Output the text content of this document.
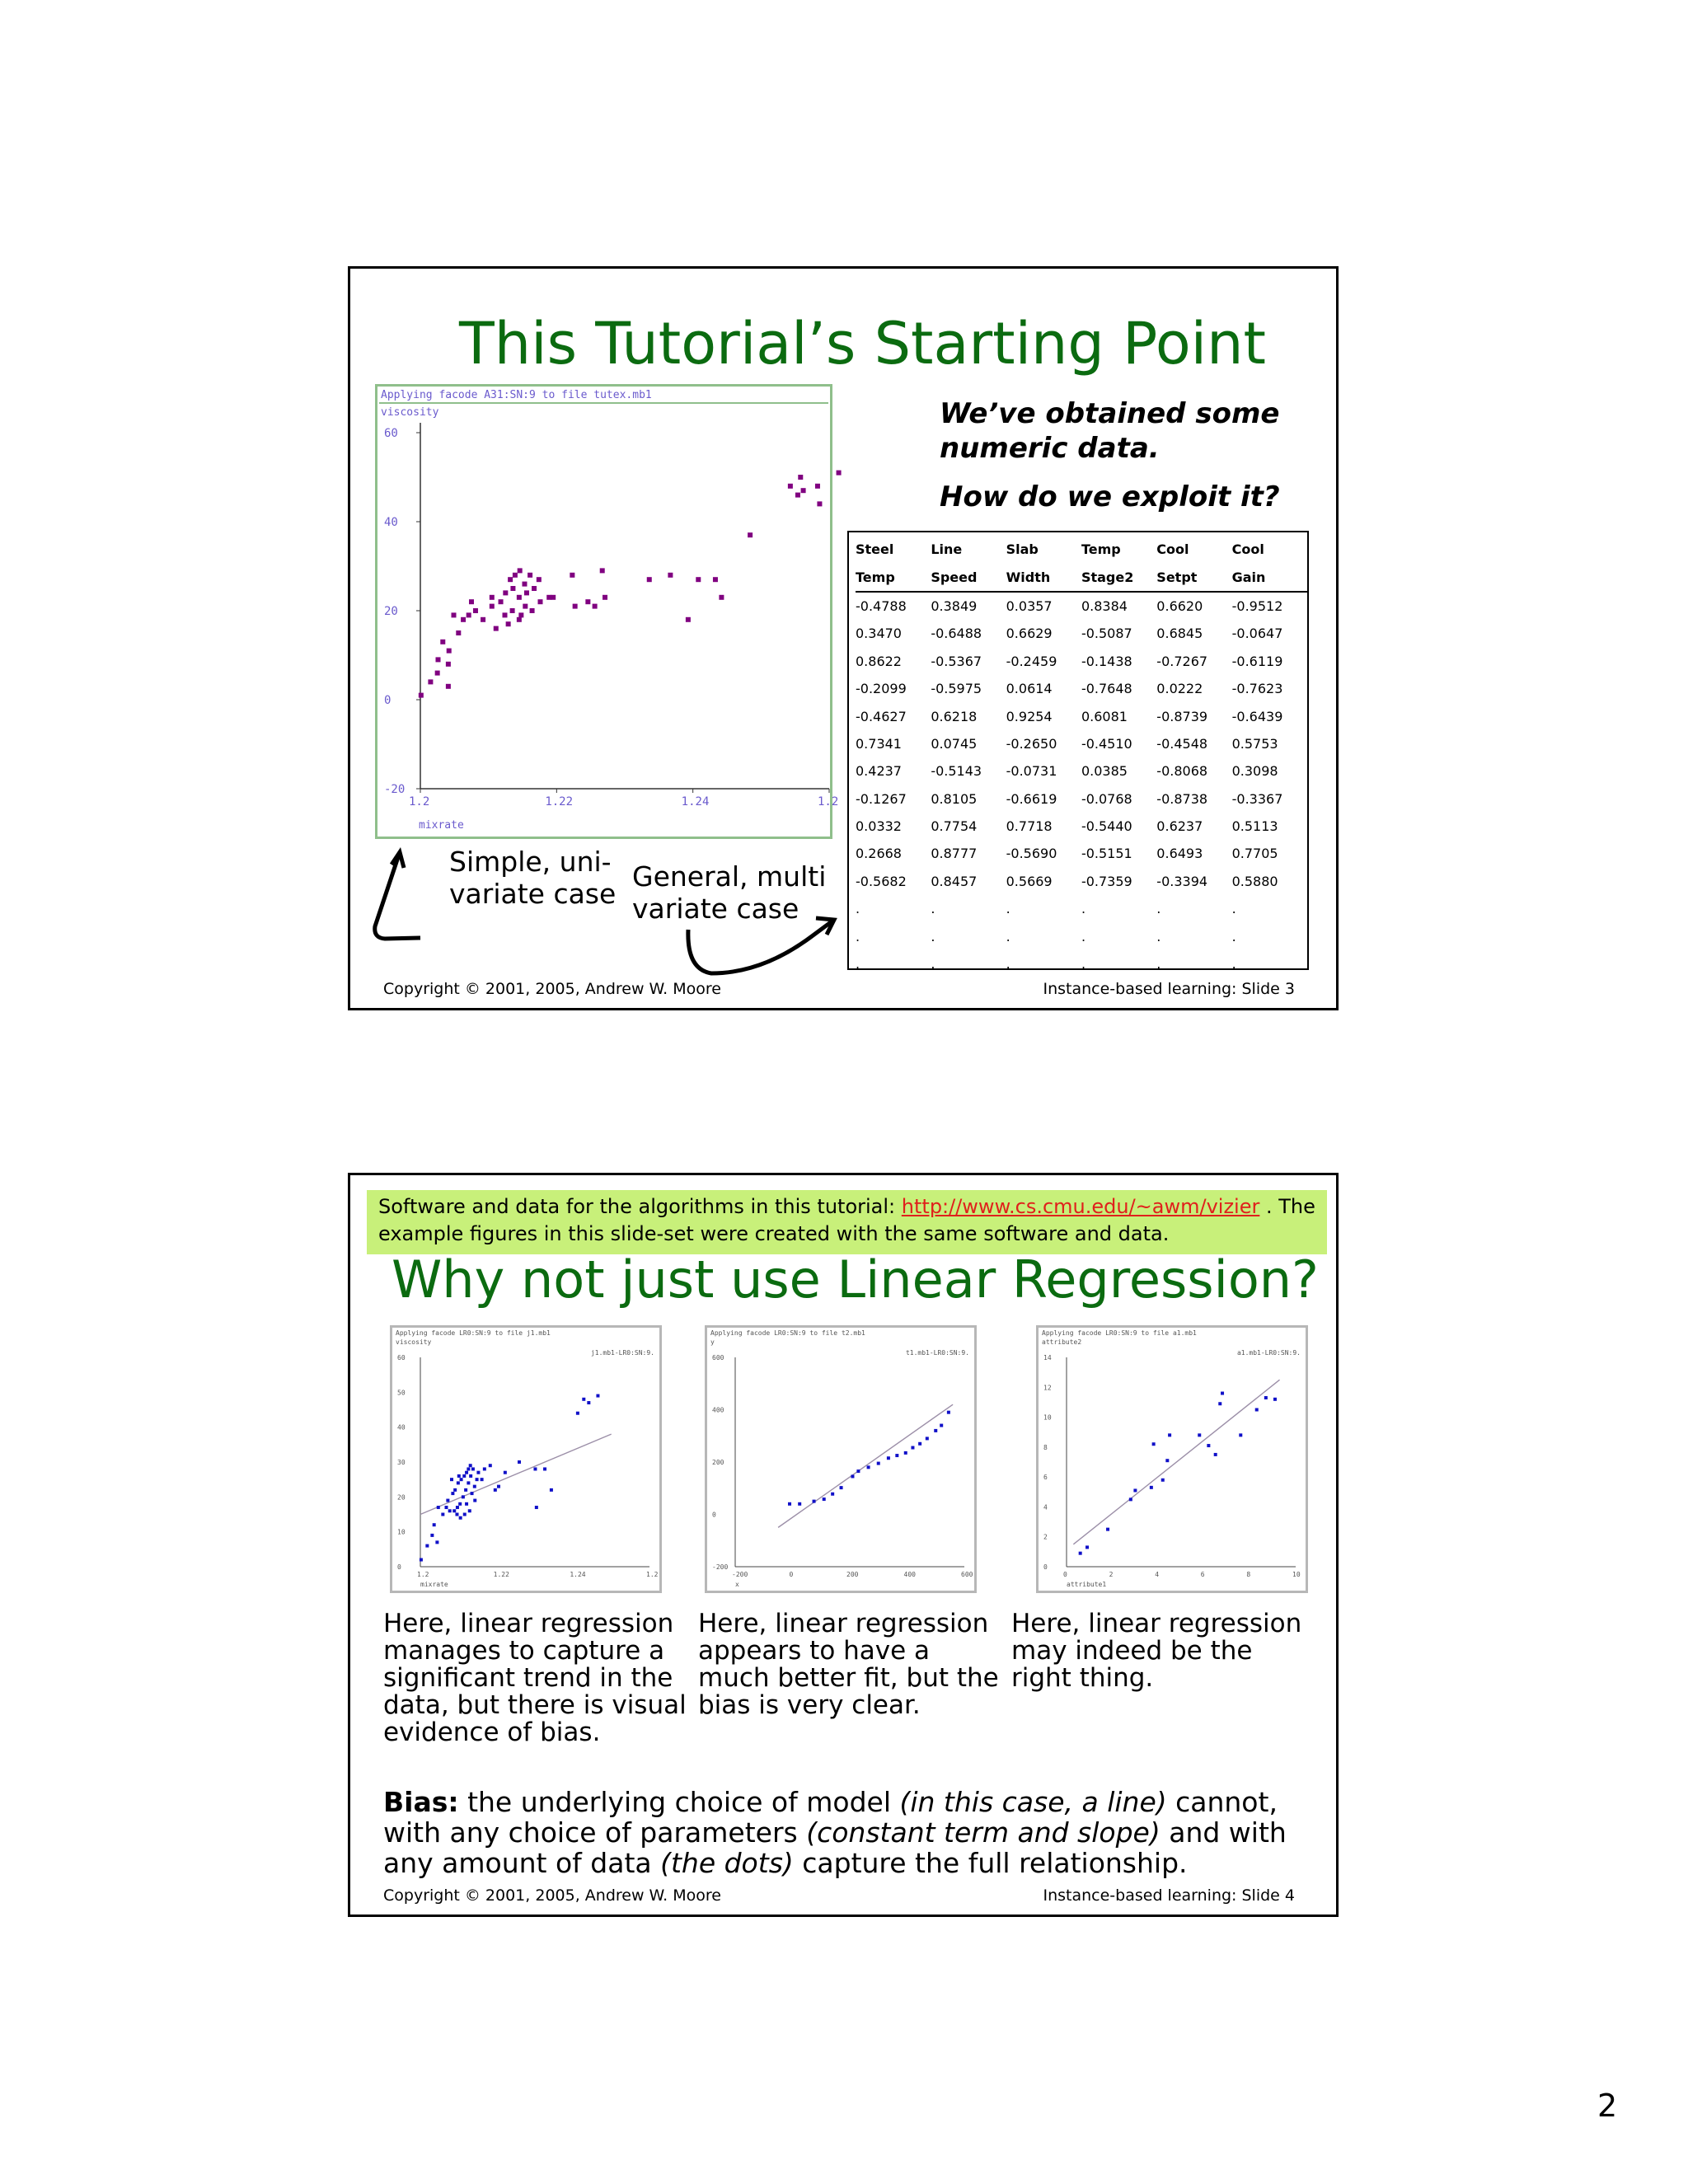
This Tutorial’s Starting Point
Applying facode A31:SN:9 to file tutex.mb1
viscosity
mixrate
60
40
20
0
-20
1.2	1.22	1.24	1.2
We’ve obtained some
numeric data.
How do we exploit it?
Steel	Line	Slab	Temp	Cool	Cool
Temp	Speed	Width	Stage2	Setpt	Gain
-0.4788	0.3849	0.0357	0.8384	0.6620	-0.9512
0.3470	-0.6488	0.6629	-0.5087	0.6845	-0.0647
0.8622	-0.5367	-0.2459	-0.1438	-0.7267	-0.6119
-0.2099	-0.5975	0.0614	-0.7648	0.0222	-0.7623
-0.4627	0.6218	0.9254	0.6081	-0.8739	-0.6439
0.7341	0.0745	-0.2650	-0.4510	-0.4548	0.5753
0.4237	-0.5143	-0.0731	0.0385	-0.8068	0.3098
-0.1267	0.8105	-0.6619	-0.0768	-0.8738	-0.3367
0.0332	0.7754	0.7718	-0.5440	0.6237	0.5113
0.2668	0.8777	-0.5690	-0.5151	0.6493	0.7705
-0.5682	0.8457	0.5669	-0.7359	-0.3394	0.5880
.	.	.	.	.	.
.	.	.	.	.	.
.	.	.	.	.	.
Simple, uni-
variate case
General, multi
variate case
Copyright © 2001, 2005, Andrew W. Moore	Instance-based learning: Slide 3
Software and data for the algorithms in this tutorial: http://www.cs.cmu.edu/~awm/vizier . The example figures in this slide-set were created with the same software and data.
Why not just use Linear Regression?
Applying facode LR0:SN:9 to file j1.mb1
viscosity
j1.mb1-LR0:SN:9.
mixrate
60
50
40
30
20
10
0
1.2	1.22	1.24	1.2
Applying facode LR0:SN:9 to file t2.mb1
y
t1.mb1-LR0:SN:9.
x
600
400
200
0
-200
-200	0	200	400	600
Applying facode LR0:SN:9 to file a1.mb1
attribute2
a1.mb1-LR0:SN:9.
attribute1
14
12
10
8
6
4
2
0
0	2	4	6	8	10
Here, linear regression manages to capture a significant trend in the data, but there is visual evidence of bias.
Here, linear regression appears to have a much better fit, but the bias is very clear.
Here, linear regression may indeed be the right thing.
Bias: the underlying choice of model (in this case, a line) cannot, with any choice of parameters (constant term and slope) and with any amount of data (the dots) capture the full relationship.
Copyright © 2001, 2005, Andrew W. Moore	Instance-based learning: Slide 4
2
